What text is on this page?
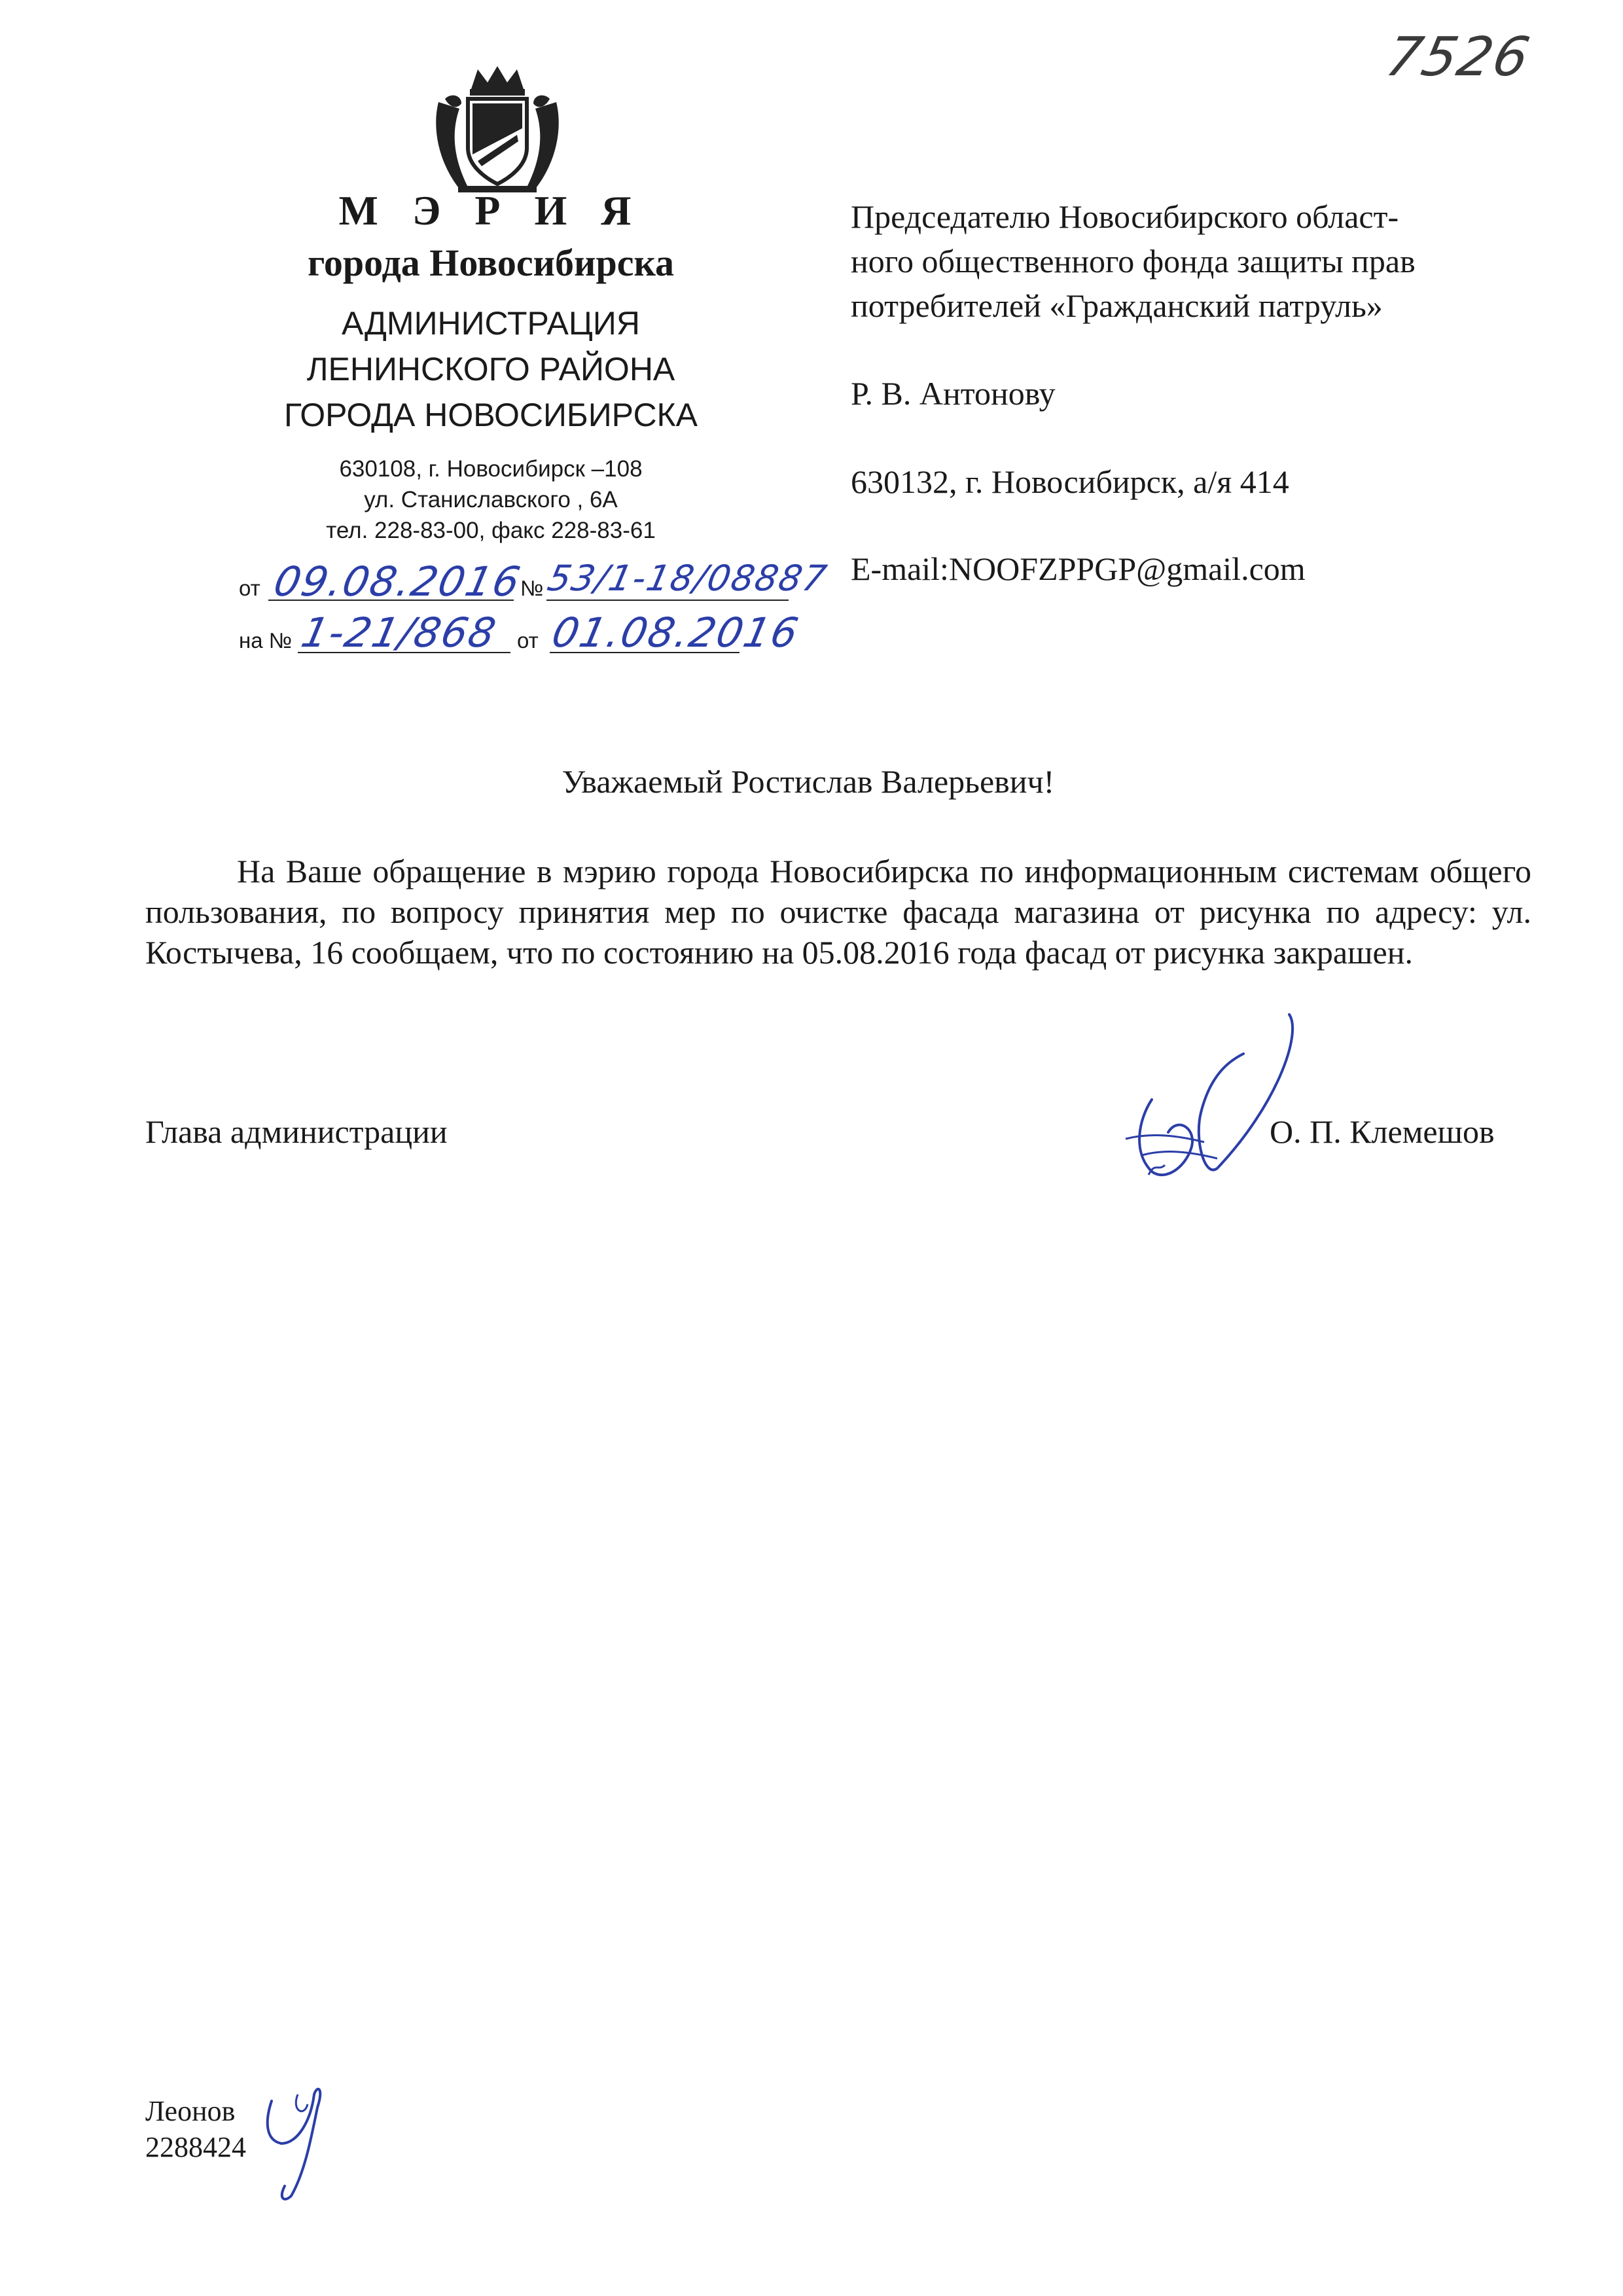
7526
М Э Р И Я
города Новосибирска
АДМИНИСТРАЦИЯ
ЛЕНИНСКОГО РАЙОНА
ГОРОДА НОВОСИБИРСКА
630108, г. Новосибирск –108
ул. Станиславского , 6А
тел. 228-83-00, факс 228-83-61
от 09.08.2016
№ 53/1-18/08887
на № 1-21/868 от 01.08.2016
Председателю Новосибирского област-
ного общественного фонда защиты прав
потребителей «Гражданский патруль»
Р. В. Антонову
630132, г. Новосибирск, а/я 414
E-mail:NOOFZPPGP@gmail.com
Уважаемый Ростислав Валерьевич!
На Ваше обращение в мэрию города Новосибирска по информационным системам общего пользования, по вопросу принятия мер по очистке фасада магазина от рисунка по адресу: ул. Костычева, 16 сообщаем, что по состоянию на 05.08.2016 года фасад от рисунка закрашен.
Глава администрации	О. П. Клемешов
Леонов
2288424
